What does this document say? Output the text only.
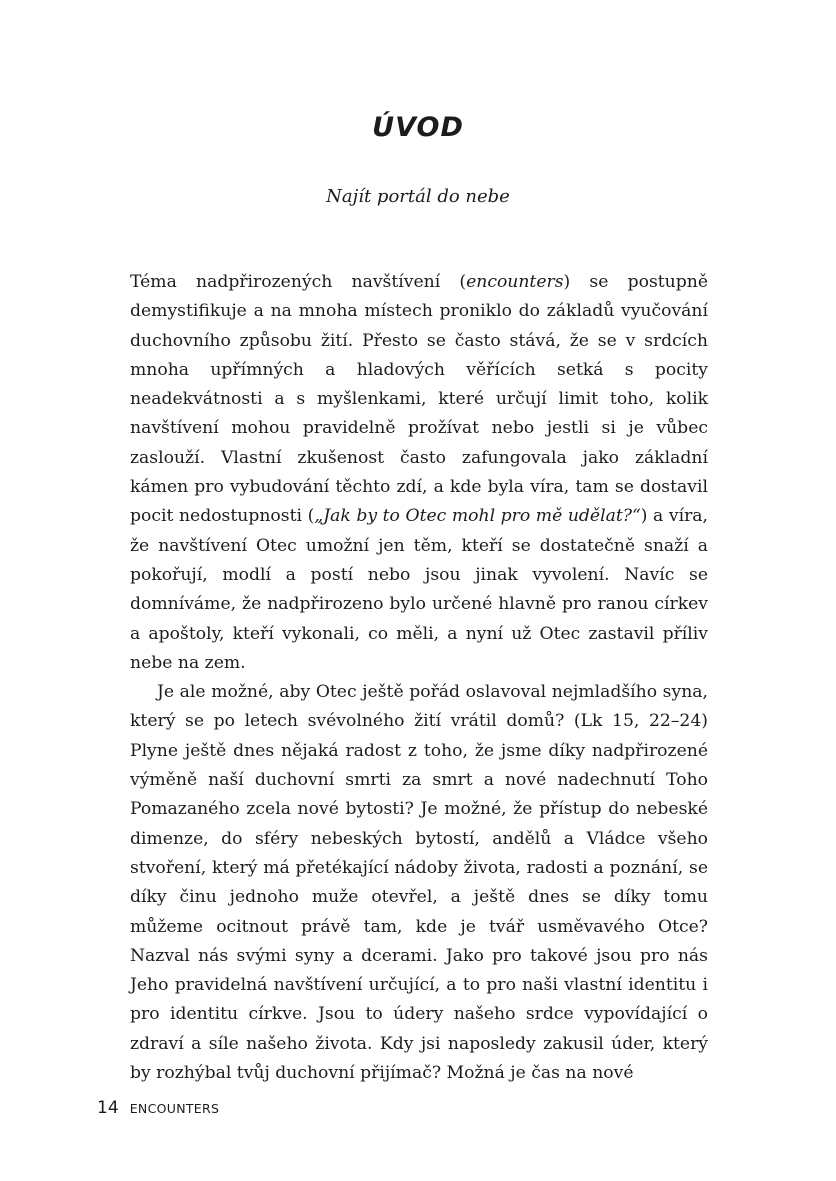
ÚVOD

Najít portál do nebe

Téma nadpřirozených navštívení (encounters) se postupně demystifikuje a na mnoha místech proniklo do základů vyučování duchovního způsobu žití. Přesto se často stává, že se v srdcích mnoha upřímných a hladových věřících setká s pocity neadekvátnosti a s myšlenkami, které určují limit toho, kolik navštívení mohou pravidelně prožívat nebo jestli si je vůbec zaslouží. Vlastní zkušenost často zafungovala jako základní kámen pro vybudování těchto zdí, a kde byla víra, tam se dostavil pocit nedostupnosti („Jak by to Otec mohl pro mě udělat?“) a víra, že navštívení Otec umožní jen těm, kteří se dostatečně snaží a pokořují, modlí a postí nebo jsou jinak vyvolení. Navíc se domníváme, že nadpřirozeno bylo určené hlavně pro ranou církev a apoštoly, kteří vykonali, co měli, a nyní už Otec zastavil příliv nebe na zem.

Je ale možné, aby Otec ještě pořád oslavoval nejmladšího syna, který se po letech svévolného žití vrátil domů? (Lk 15, 22–24) Plyne ještě dnes nějaká radost z toho, že jsme díky nadpřirozené výměně naší duchovní smrti za smrt a nové nadechnutí Toho Pomazaného zcela nové bytosti? Je možné, že přístup do nebeské dimenze, do sféry nebeských bytostí, andělů a Vládce všeho stvoření, který má přetékající nádoby života, radosti a poznání, se díky činu jednoho muže otevřel, a ještě dnes se díky tomu můžeme ocitnout právě tam, kde je tvář usměvavého Otce? Nazval nás svými syny a dcerami. Jako pro takové jsou pro nás Jeho pravidelná navštívení určující, a to pro naši vlastní identitu i pro identitu církve. Jsou to údery našeho srdce vypovídající o zdraví a síle našeho života. Kdy jsi naposledy zakusil úder, který by rozhýbal tvůj duchovní přijímač? Možná je čas na nové

14 ENCOUNTERS
